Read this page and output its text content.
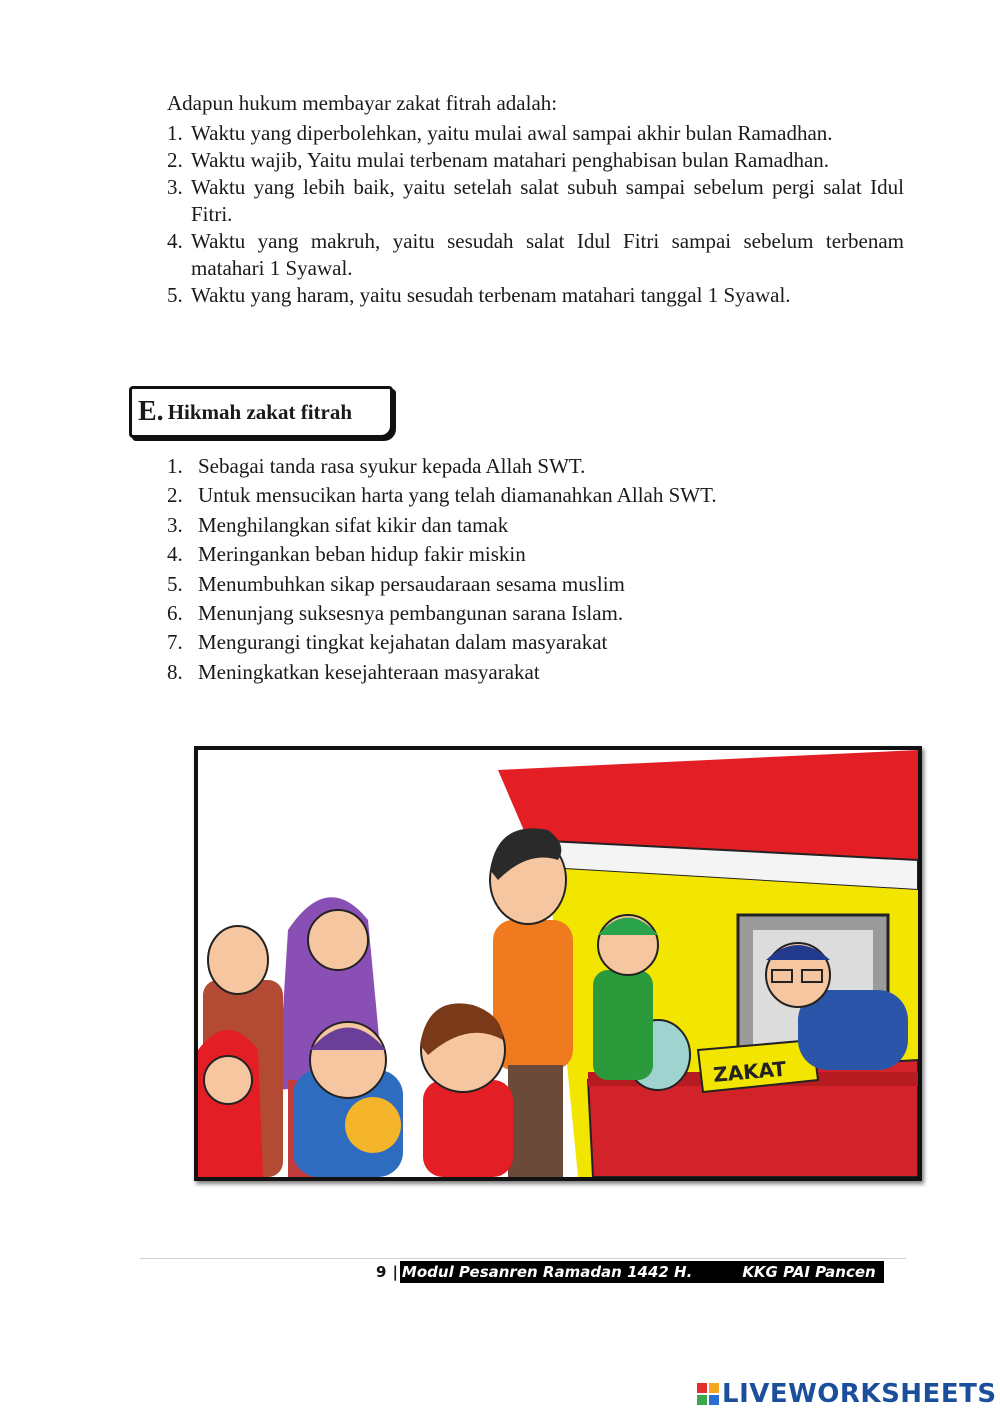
Adapun hukum membayar zakat fitrah adalah:

1. Waktu yang diperbolehkan, yaitu mulai awal sampai akhir bulan Ramadhan.
2. Waktu wajib, Yaitu mulai terbenam matahari penghabisan bulan Ramadhan.
3. Waktu yang lebih baik, yaitu setelah salat subuh sampai sebelum pergi salat Idul Fitri.
4. Waktu yang makruh, yaitu sesudah salat Idul Fitri sampai sebelum terbenam matahari 1 Syawal.
5. Waktu yang haram, yaitu sesudah terbenam matahari tanggal 1 Syawal.
E. Hikmah zakat fitrah
1. Sebagai tanda rasa syukur kepada Allah SWT.
2. Untuk mensucikan harta yang telah diamanahkan Allah SWT.
3. Menghilangkan sifat kikir dan tamak
4. Meringankan beban hidup fakir miskin
5. Menumbuhkan sikap persaudaraan sesama muslim
6. Menunjang suksesnya pembangunan sarana Islam.
7. Mengurangi tingkat kejahatan dalam masyarakat
8. Meningkatkan kesejahteraan masyarakat
ZAKAT
9 | Modul Pesanren Ramadan 1442 H.	KKG PAI Pancen
LIVEWORKSHEETS
